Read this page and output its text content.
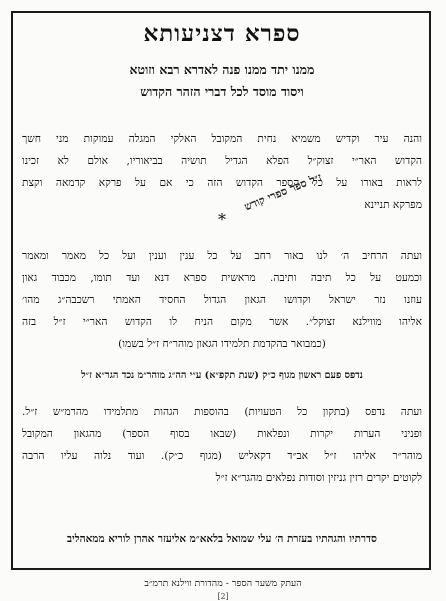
ספרא דצניעותא
ממנו יתד ממנו פנה לאדרא רבא וזוטא
ויסוד מוסד לכל דברי הזהר הקדוש
והנה עיר וקדיש משמיא נחית המקובל האלקי המגלה עמוקות מני חשך
הקדוש האר״י זצוק״ל הפלא הגדיל תושיה בביאוריו, אולם לא זכינו
לראות באורו על כל הספר הקדוש הזה כי אם על פרקא קדמאה וקצת
מפרקא תניינא
ז״ל ספר ספרי קודש
*
ועתה הרחיב ה׳ לנו באור רחב על כל ענין וענין ועל כל מאמר ומאמר
וכמעט על כל תיבה ותיבה. מראשית ספרא דנא ועד תומו, מכבוד גאון
עוזנו נזר ישראל וקדושו הגאון הגדול החסיד האמתי רשכבה״ג מהו׳
אליהו מווילנא זצוקל״. אשר מקום הניח לו הקדוש האר״י ז״ל בזה
(כמבואר בהקדמת תלמידו הגאון מוהר״ח ז״ל בשמו)
נדפס פעם ראשון מגוף כ״ק (שנת תקפ״א) ע״י הה״ג מוהר״מ נכד הגר״א ז״ל
ועתה נדפס (בתקון כל הטעויות) בהוספות הגהות מתלמידו מהרמ״ש ז״ל.
ופניני הערות יקרות ונפלאות (שבאו בסוף הספר) מהגאון המקובל
מוהר״ר אליהו ז״ל אב״ד דקאליש (מגוף כ״ק). ועוד נלוה עליו הרבה
לקוטים יקרים רזין גניזין וסודות נפלאים מהגר״א ז״ל
סדרתיו והגהתיו בעזרת ה׳ עלי שמואל בלאא״מ אליעזר אהרן לוריא ממאהליב
העתק משער הספר - מהדורת ווילנא תרמ״ב
[2]
